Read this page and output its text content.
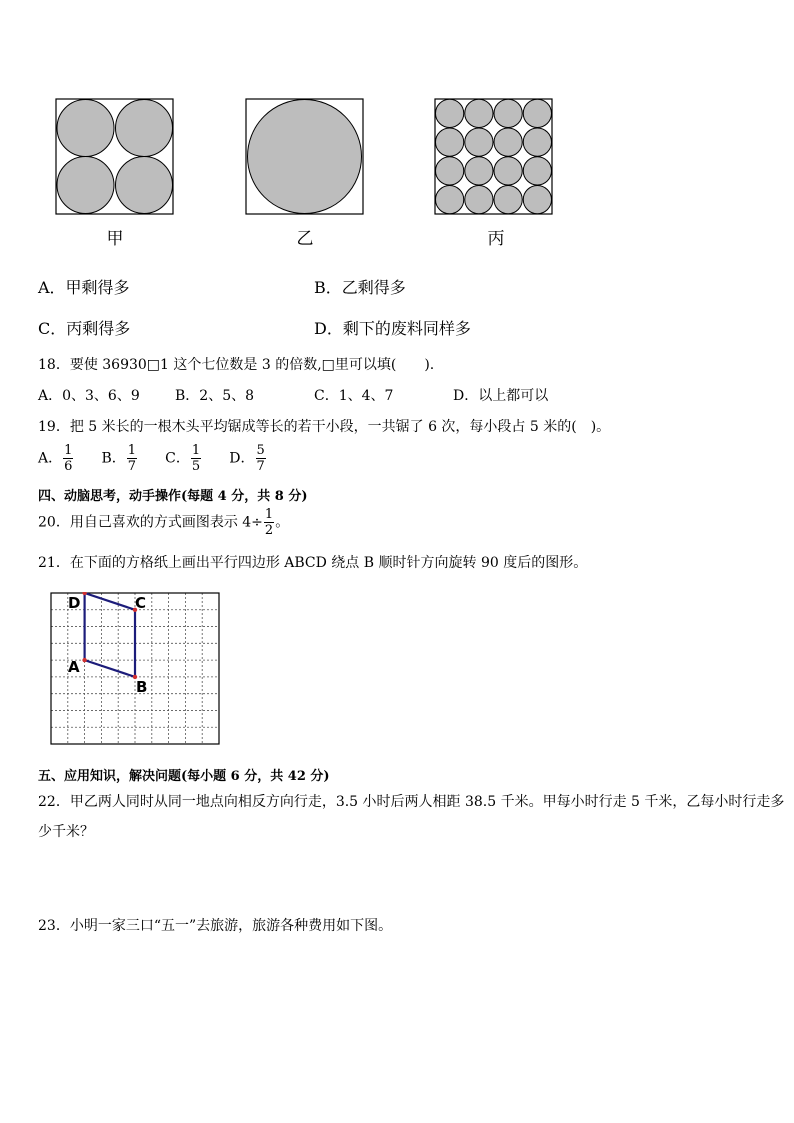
甲	乙	丙
A．甲剩得多	B．乙剩得多
C．丙剩得多	D．剩下的废料同样多
18．要使 36930□1 这个七位数是 3 的倍数,□里可以填(　　).
A．0、3、6、9	B．2、5、8	C．1、4、7	D．以上都可以
19．把 5 米长的一根木头平均锯成等长的若干小段，一共锯了 6 次，每小段占 5 米的(　)。
A． $\frac{1}{6}$ B． $\frac{1}{7}$ C． $\frac{1}{5}$ D． $\frac{5}{7}$
四、动脑思考，动手操作(每题 4 分，共 8 分)
20．用自己喜欢的方式画图表示 $4\div \frac{1}{2}$ 。
21．在下面的方格纸上画出平行四边形 ABCD 绕点 B 顺时针方向旋转 90 度后的图形。
D	C
A
B
五、应用知识，解决问题(每小题 6 分，共 42 分)
22．甲乙两人同时从同一地点向相反方向行走，3.5 小时后两人相距 38.5 千米。甲每小时行走 5 千米，乙每小时行走多
少千米？
23．小明一家三口“五一”去旅游，旅游各种费用如下图。
